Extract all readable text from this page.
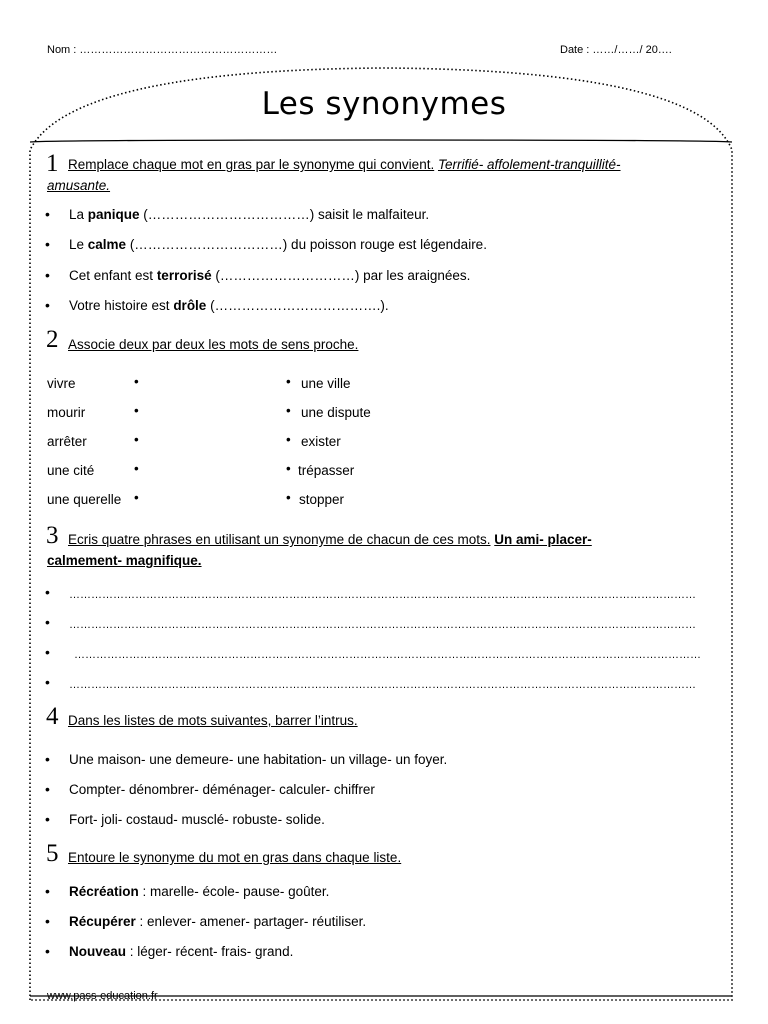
Nom : ………………………………………………	Date : ……/……/ 20….
Les synonymes
1 Remplace chaque mot en gras par le synonyme qui convient. Terrifié- affolement-tranquillité-
amusante.
• La panique (………………………………) saisit le malfaiteur.
• Le calme (……………………………) du poisson rouge est légendaire.
• Cet enfant est terrorisé (…………………………) par les araignées.
• Votre histoire est drôle (……………………………….).
2 Associe deux par deux les mots de sens proche.
vivre
mourir
arrêter
une cité
une querelle
•
•
•
•
•
•
•
•
•
•
une ville
une dispute
existe‌r
trépasser
stopper
3 Ecris quatre phrases en utilisant un synonyme de chacun de ces mots. Un ami- placer-
calmement- magnifique.
• ………………………………………………………………………………………………………………………………………………………
• ………………………………………………………………………………………………………………………………………………………
• ………………………………………………………………………………………………………………………………………………………
• ………………………………………………………………………………………………………………………………………………………
4 Dans les listes de mots suivantes, barrer l’intrus.
• Une maison- une demeure- une habitation- un village- un foyer.
• Compter- dénombrer- déménager- calculer- chiffrer
• Fort- joli- costaud- musclé- robuste- solide.
5 Entoure le synonyme du mot en gras dans chaque liste.
• Récréation : marelle- école- pause- goûter.
• Récupérer : enlever- amener- partager- réutiliser.
• Nouveau : léger- récent- frais- grand.
www.pass-education.fr
